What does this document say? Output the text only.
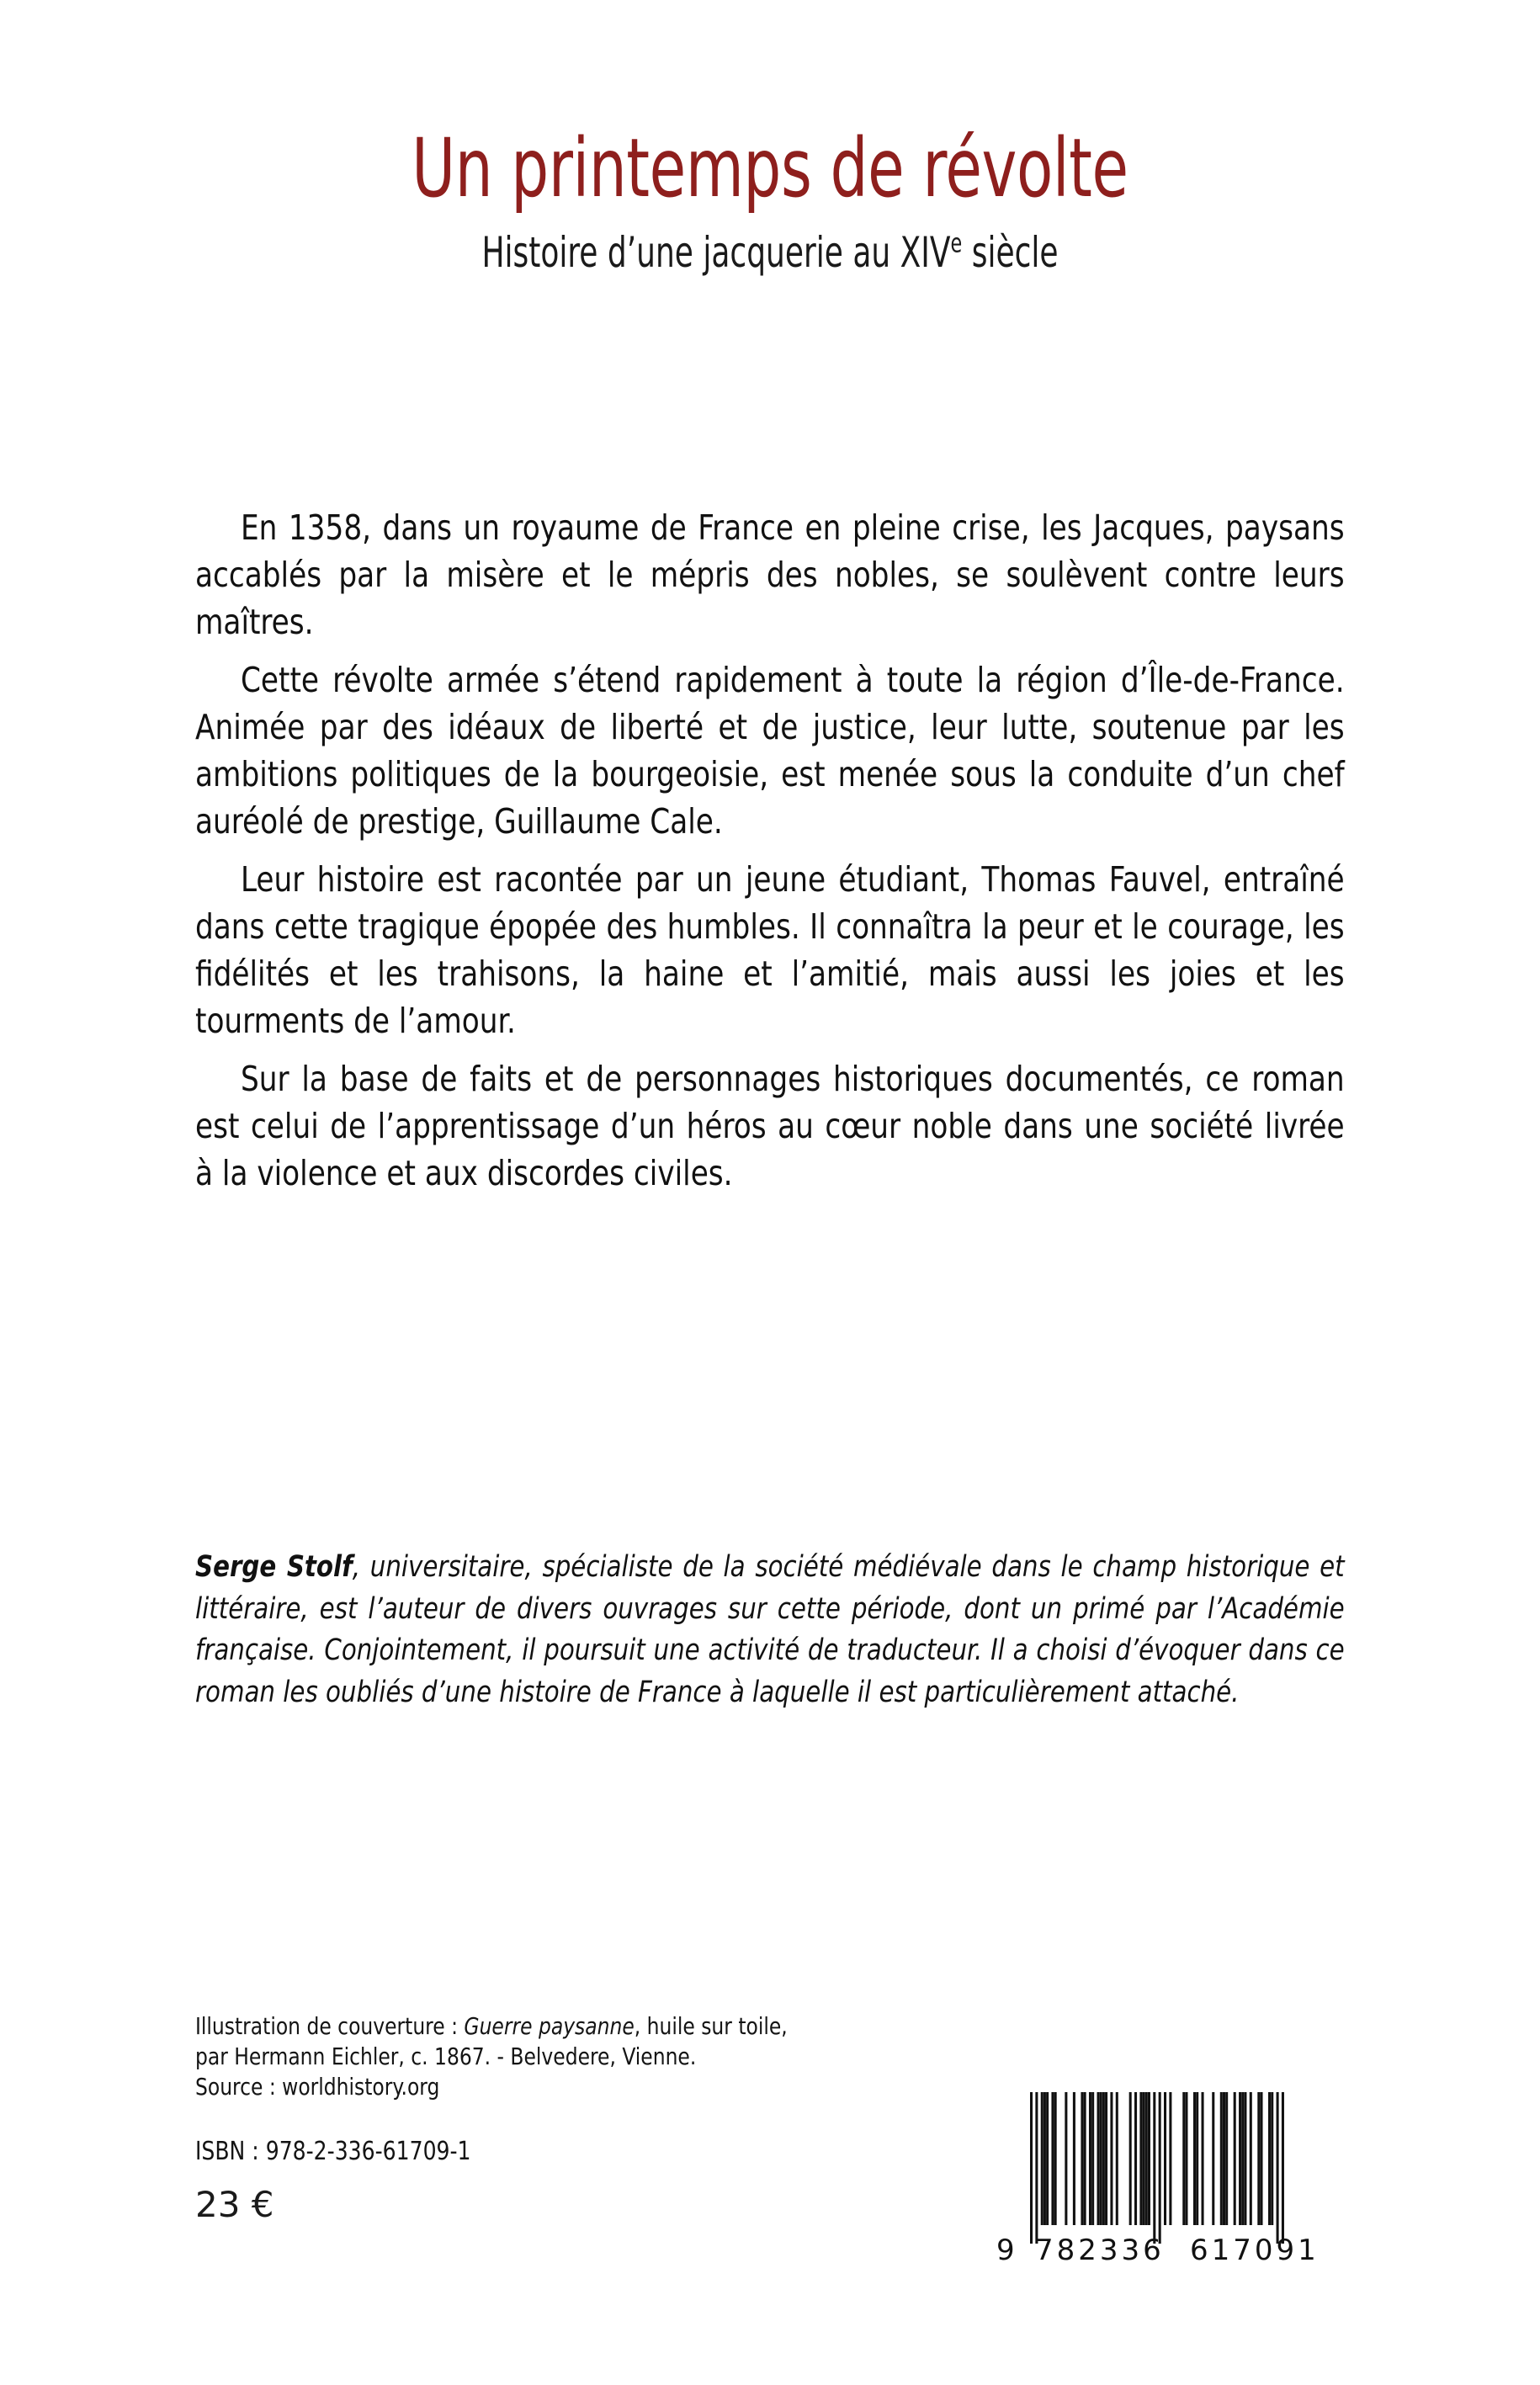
Un printemps de révolte
Histoire d’une jacquerie au XIVe siècle

En 1358, dans un royaume de France en pleine crise, les Jacques, paysans accablés par la misère et le mépris des nobles, se soulèvent contre leurs maîtres.

Cette révolte armée s’étend rapidement à toute la région d’Île-de-France. Animée par des idéaux de liberté et de justice, leur lutte, soutenue par les ambitions politiques de la bourgeoisie, est menée sous la conduite d’un chef auréolé de prestige, Guillaume Cale.

Leur histoire est racontée par un jeune étudiant, Thomas Fauvel, entraîné dans cette tragique épopée des humbles. Il connaîtra la peur et le courage, les fidélités et les trahisons, la haine et l’amitié, mais aussi les joies et les tourments de l’amour.

Sur la base de faits et de personnages historiques documentés, ce roman est celui de l’apprentissage d’un héros au cœur noble dans une société livrée à la violence et aux discordes civiles.

Serge Stolf, universitaire, spécialiste de la société médiévale dans le champ historique et littéraire, est l’auteur de divers ouvrages sur cette période, dont un primé par l’Académie française. Conjointement, il poursuit une activité de traducteur. Il a choisi d’évoquer dans ce roman les oubliés d’une histoire de France à laquelle il est particulièrement attaché.

Illustration de couverture : Guerre paysanne, huile sur toile,
par Hermann Eichler, c. 1867. - Belvedere, Vienne.
Source : worldhistory.org
ISBN : 978-2-336-61709-1
23 €
9 782336 617091
